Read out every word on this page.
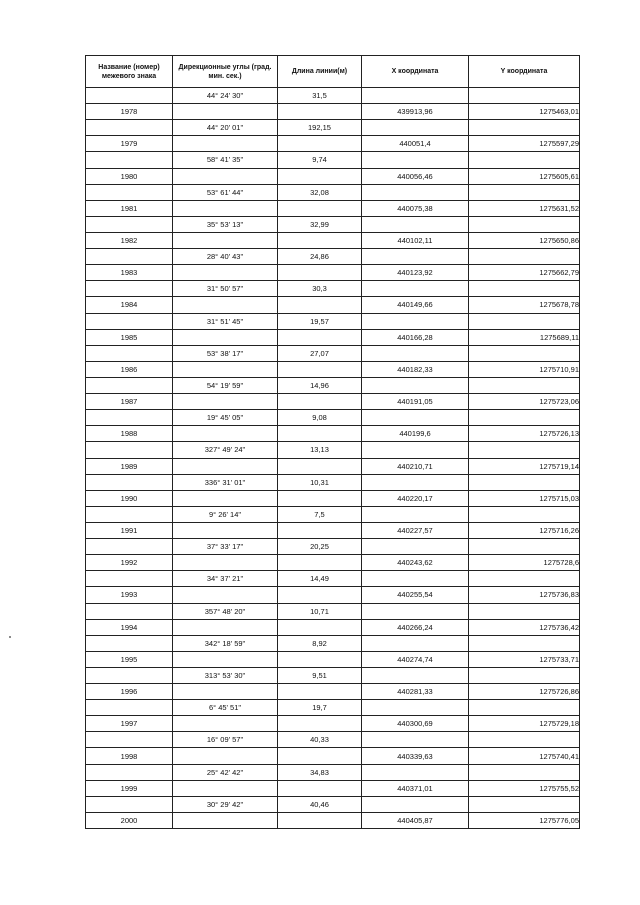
Название (номер) межевого знака	Дирекционные углы (град. мин. сек.)	Длина линии(м)	X координата	Y координата
	44° 24' 30"	31,5		
1978			439913,96	1275463,01
	44° 20' 01"	192,15		
1979			440051,4	1275597,29
	58° 41' 35"	9,74		
1980			440056,46	1275605,61
	53° 61' 44"	32,08		
1981			440075,38	1275631,52
	35° 53' 13"	32,99		
1982			440102,11	1275650,86
	28° 40' 43"	24,86		
1983			440123,92	1275662,79
	31° 50' 57"	30,3		
1984			440149,66	1275678,78
	31° 51' 45"	19,57		
1985			440166,28	1275689,11
	53° 38' 17"	27,07		
1986			440182,33	1275710,91
	54° 19' 59"	14,96		
1987			440191,05	1275723,06
	19° 45' 05"	9,08		
1988			440199,6	1275726,13
	327° 49' 24"	13,13		
1989			440210,71	1275719,14
	336° 31' 01"	10,31		
1990			440220,17	1275715,03
	9° 26' 14"	7,5		
1991			440227,57	1275716,26
	37° 33' 17"	20,25		
1992			440243,62	1275728,6
	34° 37' 21"	14,49		
1993			440255,54	1275736,83
	357° 48' 20"	10,71		
1994			440266,24	1275736,42
	342° 18' 59"	8,92		
1995			440274,74	1275733,71
	313° 53' 30"	9,51		
1996			440281,33	1275726,86
	6° 45' 51"	19,7		
1997			440300,69	1275729,18
	16° 09' 57"	40,33		
1998			440339,63	1275740,41
	25° 42' 42"	34,83		
1999			440371,01	1275755,52
	30° 29' 42"	40,46		
2000			440405,87	1275776,05
